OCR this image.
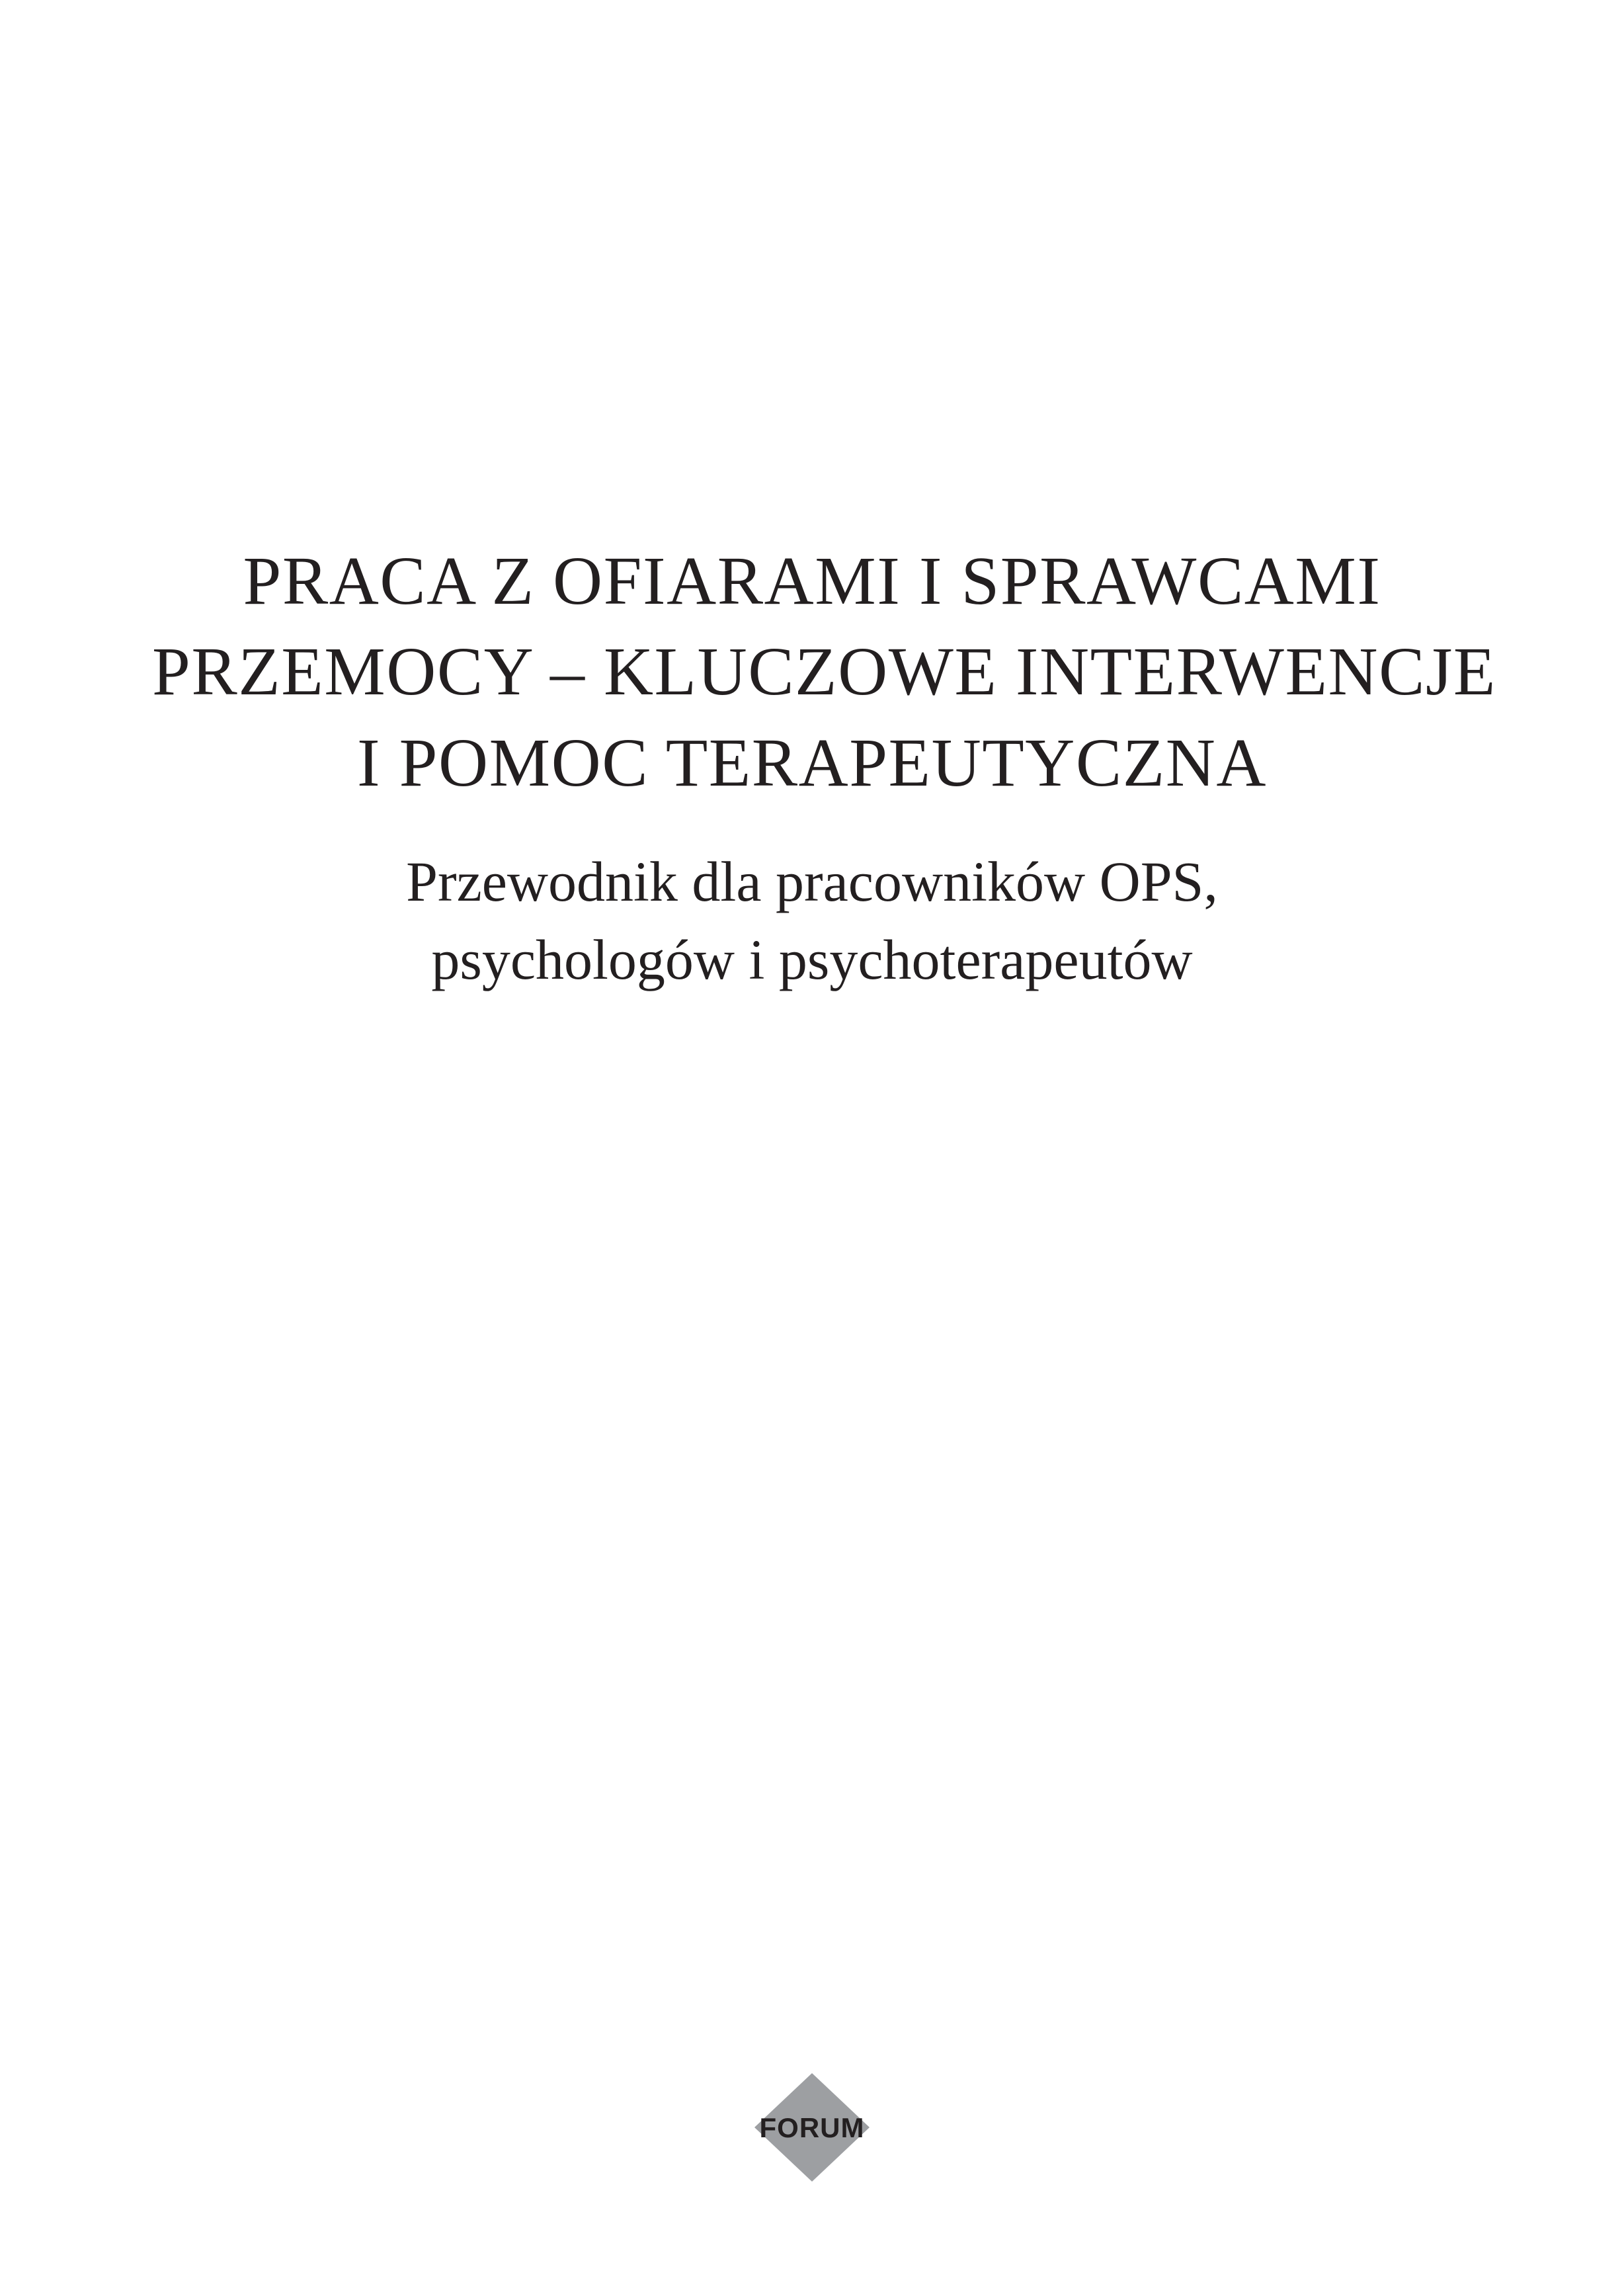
PRACA Z OFIARAMI I SPRAWCAMI
PRZEMOCY – KLUCZOWE INTERWENCJE
I POMOC TERAPEUTYCZNA

Przewodnik dla pracowników OPS,
psychologów i psychoterapeutów

FORUM
